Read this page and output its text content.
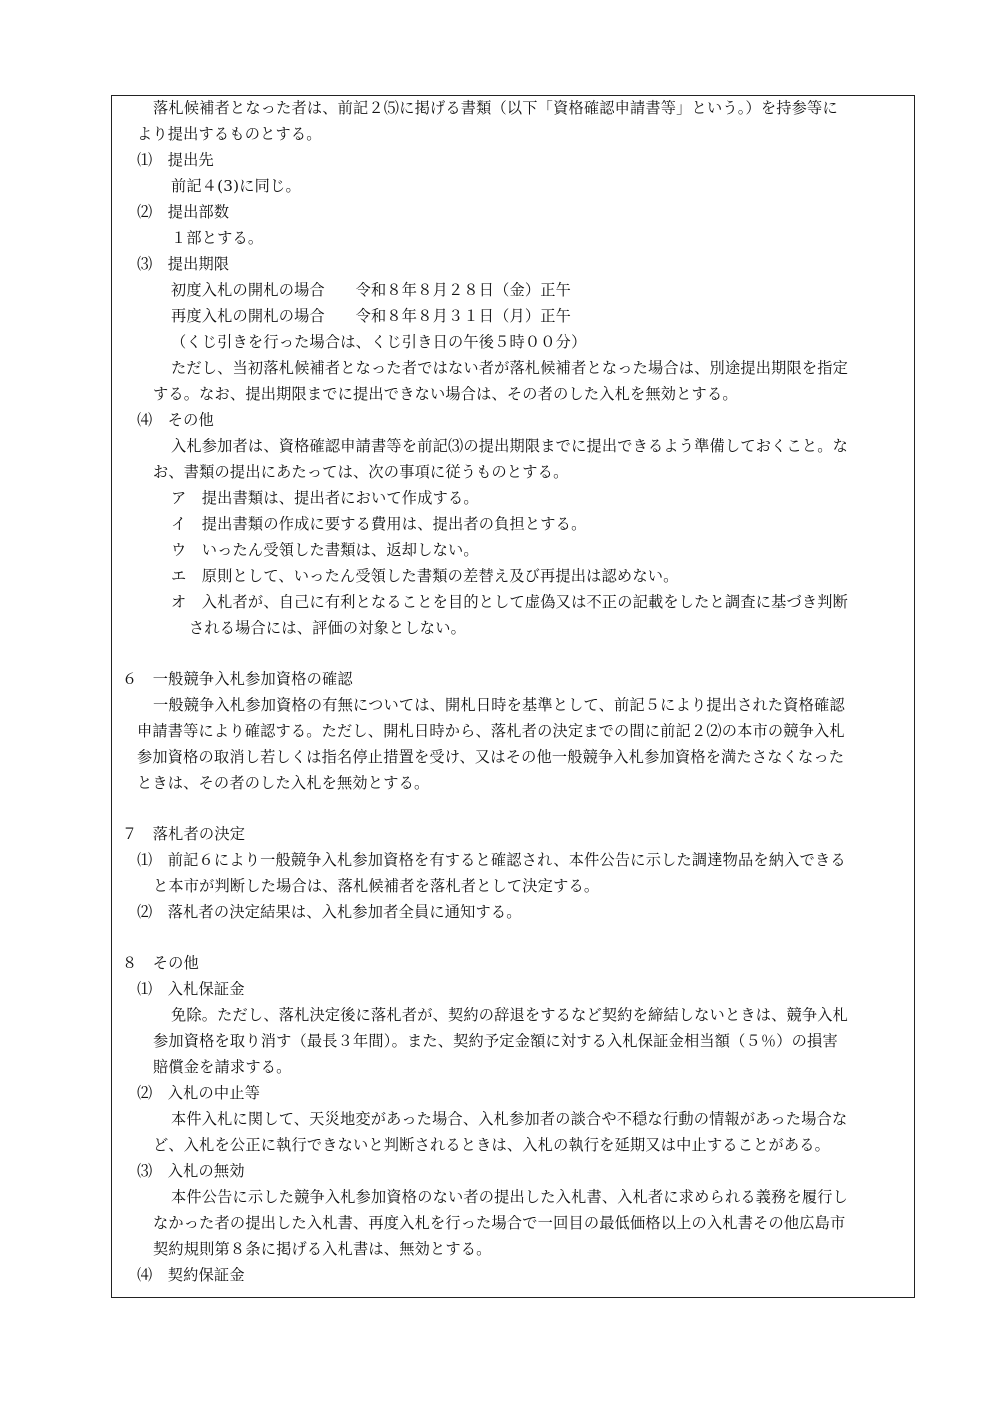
落札候補者となった者は、前記２⑸に掲げる書類（以下「資格確認申請書等」という。）を持参等に
より提出するものとする。
⑴　提出先
前記４(3)に同じ。
⑵　提出部数
１部とする。
⑶　提出期限
初度入札の開札の場合　　令和８年８月２８日（金）正午
再度入札の開札の場合　　令和８年８月３１日（月）正午
（くじ引きを行った場合は、くじ引き日の午後５時００分）
ただし、当初落札候補者となった者ではない者が落札候補者となった場合は、別途提出期限を指定
する。なお、提出期限までに提出できない場合は、その者のした入札を無効とする。
⑷　その他
入札参加者は、資格確認申請書等を前記⑶の提出期限までに提出できるよう準備しておくこと。な
お、書類の提出にあたっては、次の事項に従うものとする。
ア　提出書類は、提出者において作成する。
イ　提出書類の作成に要する費用は、提出者の負担とする。
ウ　いったん受領した書類は、返却しない。
エ　原則として、いったん受領した書類の差替え及び再提出は認めない。
オ　入札者が、自己に有利となることを目的として虚偽又は不正の記載をしたと調査に基づき判断
される場合には、評価の対象としない。
６　一般競争入札参加資格の確認
一般競争入札参加資格の有無については、開札日時を基準として、前記５により提出された資格確認
申請書等により確認する。ただし、開札日時から、落札者の決定までの間に前記２⑵の本市の競争入札
参加資格の取消し若しくは指名停止措置を受け、又はその他一般競争入札参加資格を満たさなくなった
ときは、その者のした入札を無効とする。
７　落札者の決定
⑴　前記６により一般競争入札参加資格を有すると確認され、本件公告に示した調達物品を納入できる
と本市が判断した場合は、落札候補者を落札者として決定する。
⑵　落札者の決定結果は、入札参加者全員に通知する。
８　その他
⑴　入札保証金
免除。ただし、落札決定後に落札者が、契約の辞退をするなど契約を締結しないときは、競争入札
参加資格を取り消す（最長３年間）。また、契約予定金額に対する入札保証金相当額（５％）の損害
賠償金を請求する。
⑵　入札の中止等
本件入札に関して、天災地変があった場合、入札参加者の談合や不穏な行動の情報があった場合な
ど、入札を公正に執行できないと判断されるときは、入札の執行を延期又は中止することがある。
⑶　入札の無効
本件公告に示した競争入札参加資格のない者の提出した入札書、入札者に求められる義務を履行し
なかった者の提出した入札書、再度入札を行った場合で一回目の最低価格以上の入札書その他広島市
契約規則第８条に掲げる入札書は、無効とする。
⑷　契約保証金
